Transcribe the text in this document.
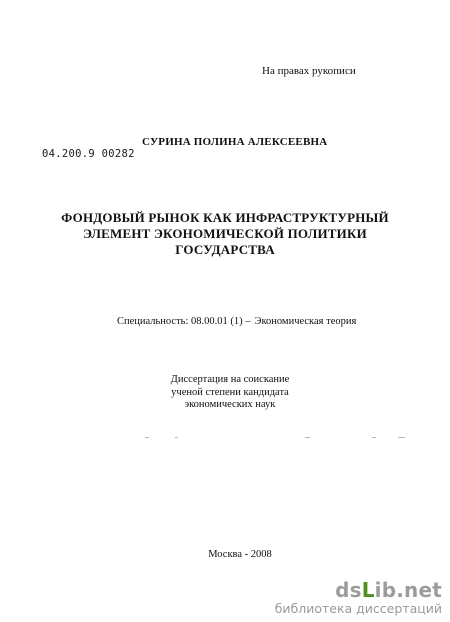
На правах рукописи
04.200.9 00282
СУРИНА ПОЛИНА АЛЕКСЕЕВНА
ФОНДОВЫЙ РЫНОК КАК ИНФРАСТРУКТУРНЫЙ
ЭЛЕМЕНТ ЭКОНОМИЧЕСКОЙ ПОЛИТИКИ
ГОСУДАРСТВА
Специальность: 08.00.01 (1) – Экономическая теория
Диссертация на соискание
ученой степени кандидата
экономических наук
Москва - 2008
dsLib.net
библиотека диссертаций
